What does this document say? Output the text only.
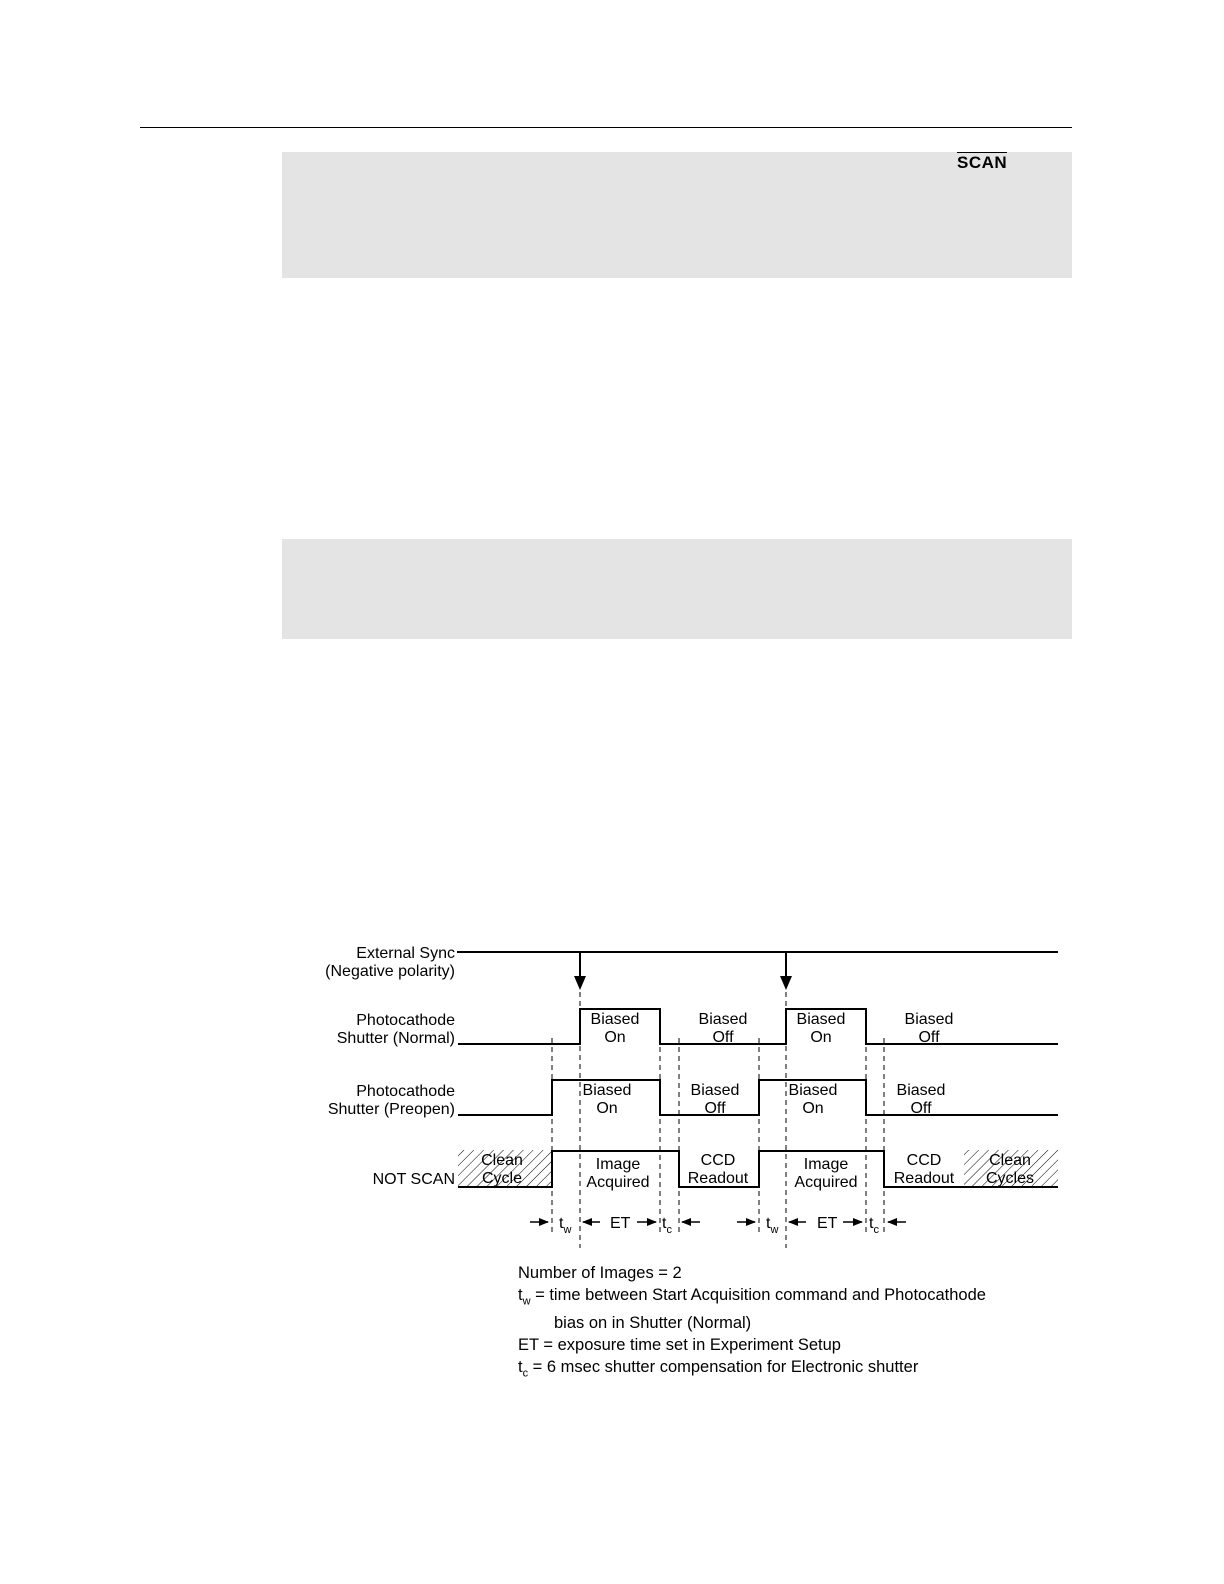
SCAN
External Sync
(Negative polarity)
Photocathode
Shutter (Normal)
Photocathode
Shutter (Preopen)
NOT SCAN
Biased
On
Biased
Off
Biased
On
Biased
Off
Biased
On
Biased
Off
Biased
On
Biased
Off
Clean
Cycle
Image
Acquired
CCD
Readout
Image
Acquired
CCD
Readout
Clean
Cycles
$t_w$ ET $t_c$	$t_w$ ET $t_c$
Number of Images = 2
$t_w$ = time between Start Acquisition command and Photocathode
bias on in Shutter (Normal)
ET = exposure time set in Experiment Setup
$t_c = 6$ msec shutter compensation for Electronic shutter
